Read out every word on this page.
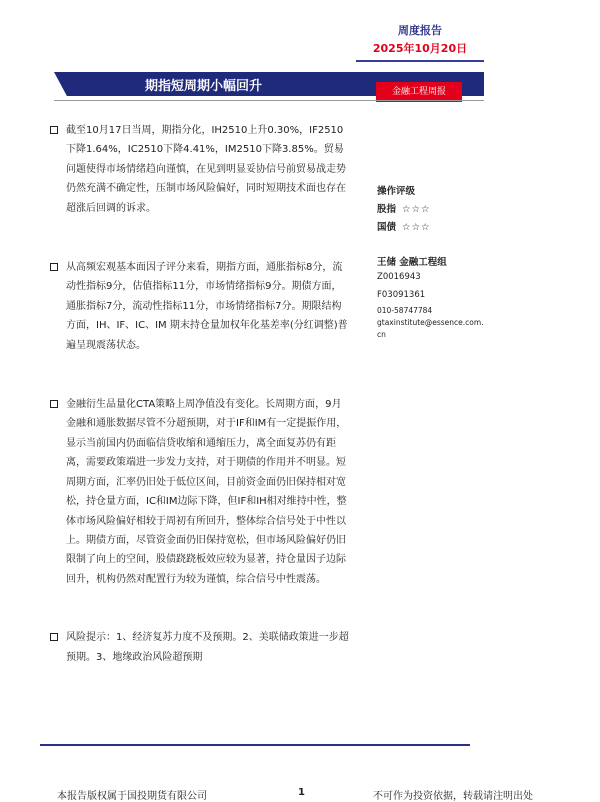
周度报告
2025年10月20日
期指短周期小幅回升	金融工程周报
截至10月17日当周，期指分化，IH2510上升0.30%，IF2510下降1.64%，IC2510下降4.41%，IM2510下降3.85%。贸易问题使得市场情绪趋向谨慎，在见到明显妥协信号前贸易战走势仍然充满不确定性，压制市场风险偏好，同时短期技术面也存在超涨后回调的诉求。
从高频宏观基本面因子评分来看，期指方面，通胀指标8分，流动性指标9分，估值指标11分，市场情绪指标9分。期债方面，通胀指标7分，流动性指标11分，市场情绪指标7分。期限结构方面，IH、IF、IC、IM 期末持仓量加权年化基差率(分红调整)普遍呈现震荡状态。
金融衍生品量化CTA策略上周净值没有变化。长周期方面，9月金融和通胀数据尽管不分超预期，对于IF和IM有一定提振作用，显示当前国内仍面临信贷收缩和通缩压力，离全面复苏仍有距离，需要政策端进一步发力支持，对于期债的作用并不明显。短周期方面，汇率仍旧处于低位区间，目前资金面仍旧保持相对宽松，持仓量方面，IC和IM边际下降，但IF和IH相对维持中性，整体市场风险偏好相较于周初有所回升，整体综合信号处于中性以上。期债方面，尽管资金面仍旧保持宽松，但市场风险偏好仍旧限制了向上的空间，股债跷跷板效应较为显著，持仓量因子边际回升，机构仍然对配置行为较为谨慎，综合信号中性震荡。
风险提示：1、经济复苏力度不及预期。2、美联储政策进一步超预期。3、地缘政治风险超预期
操作评级
股指 ☆☆☆
国债 ☆☆☆
王储 金融工程组
Z0016943
F03091361
010-58747784
gtaxinstitute@essence.com.
cn
本报告版权属于国投期货有限公司	1	不可作为投资依据，转载请注明出处
